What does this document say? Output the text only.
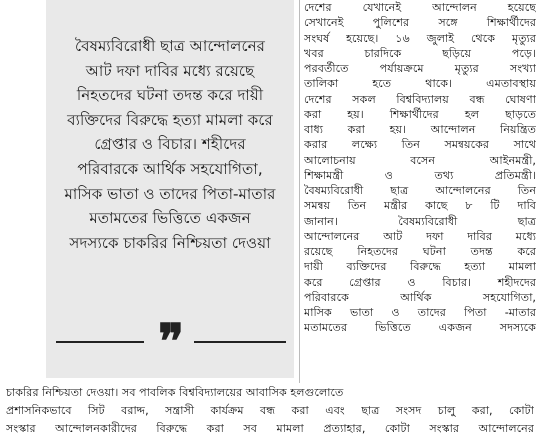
বৈষম্যবিরোধী ছাত্র আন্দোলনের আট দফা দাবির মধ্যে রয়েছে নিহতদের ঘটনা তদন্ত করে দায়ী ব্যক্তিদের বিরুদ্ধে হত্যা মামলা করে গ্রেপ্তার ও বিচার। শহীদের পরিবারকে আর্থিক সহযোগিতা, মাসিক ভাতা ও তাদের পিতা-মাতার মতামতের ভিত্তিতে একজন সদস্যকে চাকরির নিশ্চিয়তা দেওয়া

❞
দেশের যেখানেই আন্দোলন হয়েছে
সেখানেই পুলিশের সঙ্গে শিক্ষার্থীদের
সংঘর্ষ হয়েছে। ১৬ জুলাই থেকে মৃত্যুর
খবর চারদিকে ছড়িয়ে পড়ে।
পরবর্তীতে পর্যায়ক্রমে মৃত্যুর সংখ্যা
তালিকা হতে থাকে। এমতাবস্থায়
দেশের সকল বিশ্ববিদ্যালয় বন্ধ ঘোষণা
করা হয়। শিক্ষার্থীদের হল ছাড়তে
বাধ্য করা হয়। আন্দোলন নিয়ন্ত্রিত
করার লক্ষ্যে তিন সমন্বয়কের সাথে
আলোচনায় বসেন আইনমন্ত্রী,
শিক্ষামন্ত্রী ও তথ্য প্রতিমন্ত্রী।
বৈষম্যবিরোধী ছাত্র আন্দোলনের তিন
সমন্বয় তিন মন্ত্রীর কাছে ৮ টি দাবি
জানান। বৈষম্যবিরোধী ছাত্র
আন্দোলনের আট দফা দাবির মধ্যে
রয়েছে নিহতদের ঘটনা তদন্ত করে
দায়ী ব্যক্তিদের বিরুদ্ধে হত্যা মামলা
করে গ্রেপ্তার ও বিচার। শহীদদের
পরিবারকে আর্থিক সহযোগিতা,
মাসিক ভাতা ও তাদের পিতা -মাতার
মতামতের ভিত্তিতে একজন সদস্যকে
চাকরির নিশ্চিয়তা দেওয়া। সব পাবলিক বিশ্ববিদ্যালয়ের আবাসিক হলগুলোতে
প্রশাসনিকভাবে সিট বরাদ্দ, সন্ত্রাসী কার্যক্রম বন্ধ করা এবং ছাত্র সংসদ চালু করা, কোটা
সংস্কার আন্দোলনকারীদের বিরুদ্ধে করা সব মামলা প্রত্যাহার, কোটা সংস্কার আন্দোলনের
